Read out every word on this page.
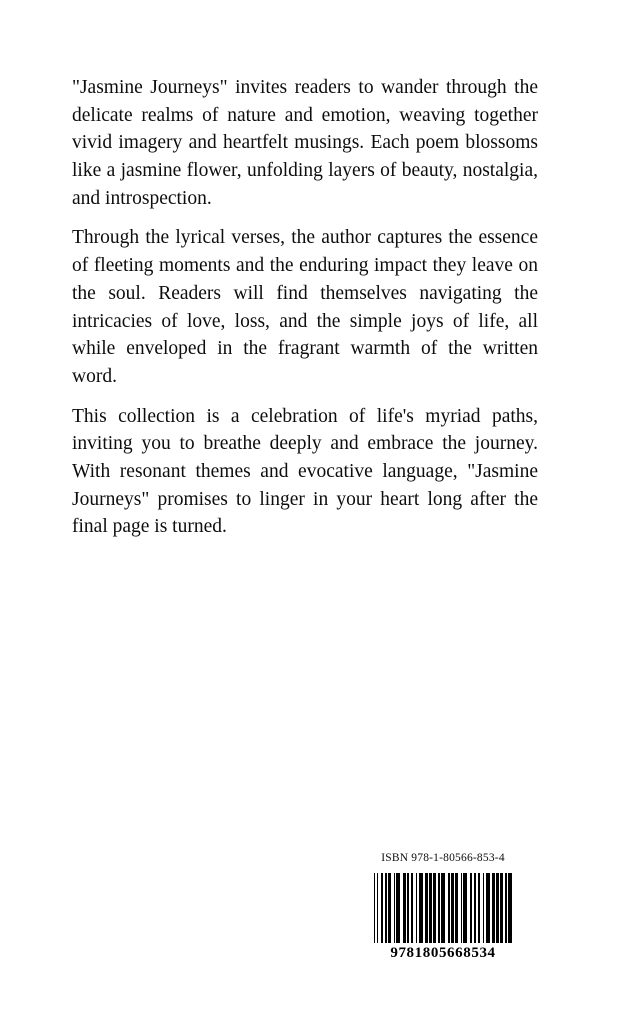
"Jasmine Journeys" invites readers to wander through the delicate realms of nature and emotion, weaving together vivid imagery and heartfelt musings. Each poem blossoms like a jasmine flower, unfolding layers of beauty, nostalgia, and introspection.

Through the lyrical verses, the author captures the essence of fleeting moments and the enduring impact they leave on the soul. Readers will find themselves navigating the intricacies of love, loss, and the simple joys of life, all while enveloped in the fragrant warmth of the written word.

This collection is a celebration of life's myriad paths, inviting you to breathe deeply and embrace the journey. With resonant themes and evocative language, "Jasmine Journeys" promises to linger in your heart long after the final page is turned.

ISBN 978-1-80566-853-4
9781805668534
